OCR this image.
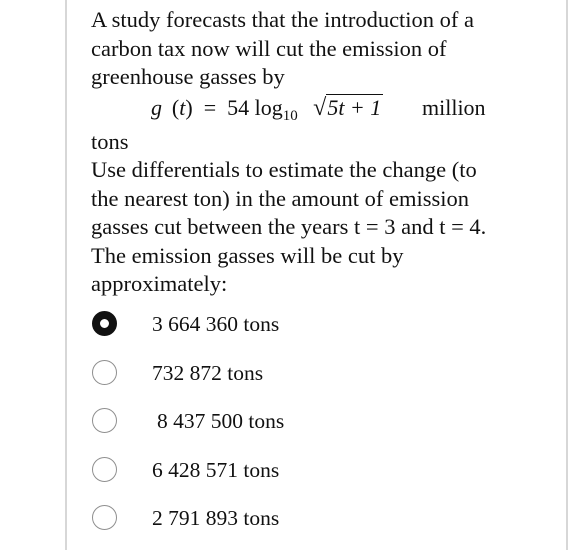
A study forecasts that the introduction of a
carbon tax now will cut the emission of
greenhouse gasses by
g  (t) = 54 $\log_{10} √5t + 1$ million
tons
Use differentials to estimate the change (to
the nearest ton) in the amount of emission
gasses cut between the years t = 3 and t = 4.
The emission gasses will be cut by
approximately:
3 664 360 tons
732 872 tons
8 437 500 tons
6 428 571 tons
2 791 893 tons
